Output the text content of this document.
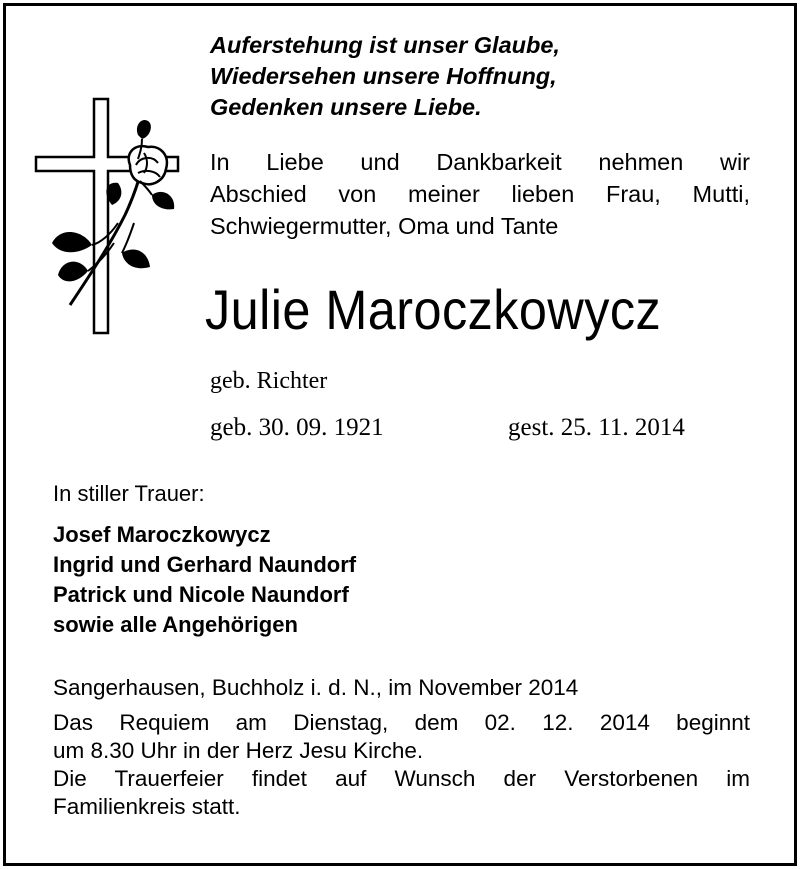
Auferstehung ist unser Glaube,
Wiedersehen unsere Hoffnung,
Gedenken unsere Liebe.
In Liebe und Dankbarkeit nehmen wir
Abschied von meiner lieben Frau, Mutti,
Schwiegermutter, Oma und Tante
Julie Maroczkowycz
geb. Richter
geb. 30. 09. 1921	gest. 25. 11. 2014
In stiller Trauer:
Josef Maroczkowycz
Ingrid und Gerhard Naundorf
Patrick und Nicole Naundorf
sowie alle Angehörigen
Sangerhausen, Buchholz i. d. N., im November 2014
Das Requiem am Dienstag, dem 02. 12. 2014 beginnt
um 8.30 Uhr in der Herz Jesu Kirche.
Die Trauerfeier findet auf Wunsch der Verstorbenen im
Familienkreis statt.
